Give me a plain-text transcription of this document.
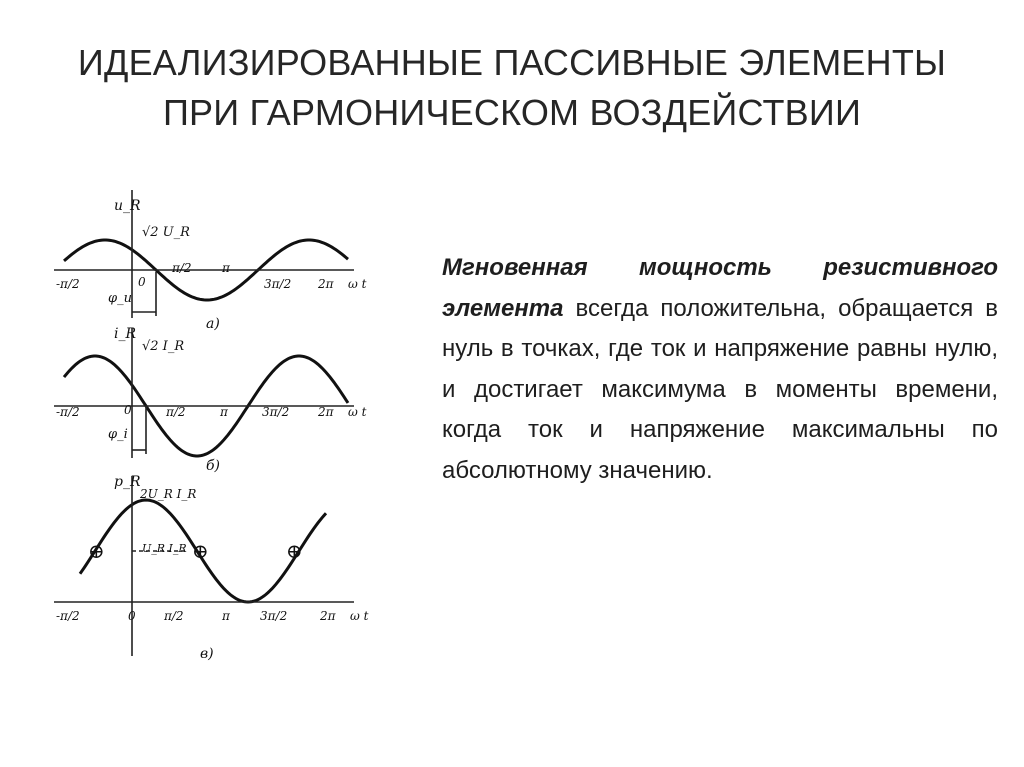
ИДЕАЛИЗИРОВАННЫЕ ПАССИВНЫЕ ЭЛЕМЕНТЫ
ПРИ ГАРМОНИЧЕСКОМ ВОЗДЕЙСТВИИ
u_R
√2 U_R
φ_u
а)
i_R
√2 I_R
φ_i
б)
p_R
2U_R I_R
U_R I_R
⊕	⊕	⊕
в)
-π/2	0
π/2	π
3π/2 2π ω t
-π/2	0	π/2	π	3π/2 2π ω t
-π/2	0 π/2	π	3π/2	2π ω t
Мгновенная мощность резистивного элемента всегда положительна, обращается в нуль в точках, где ток и напряжение равны нулю, и достигает максимума в моменты времени, когда ток и напряжение максимальны по абсолютному значению.
